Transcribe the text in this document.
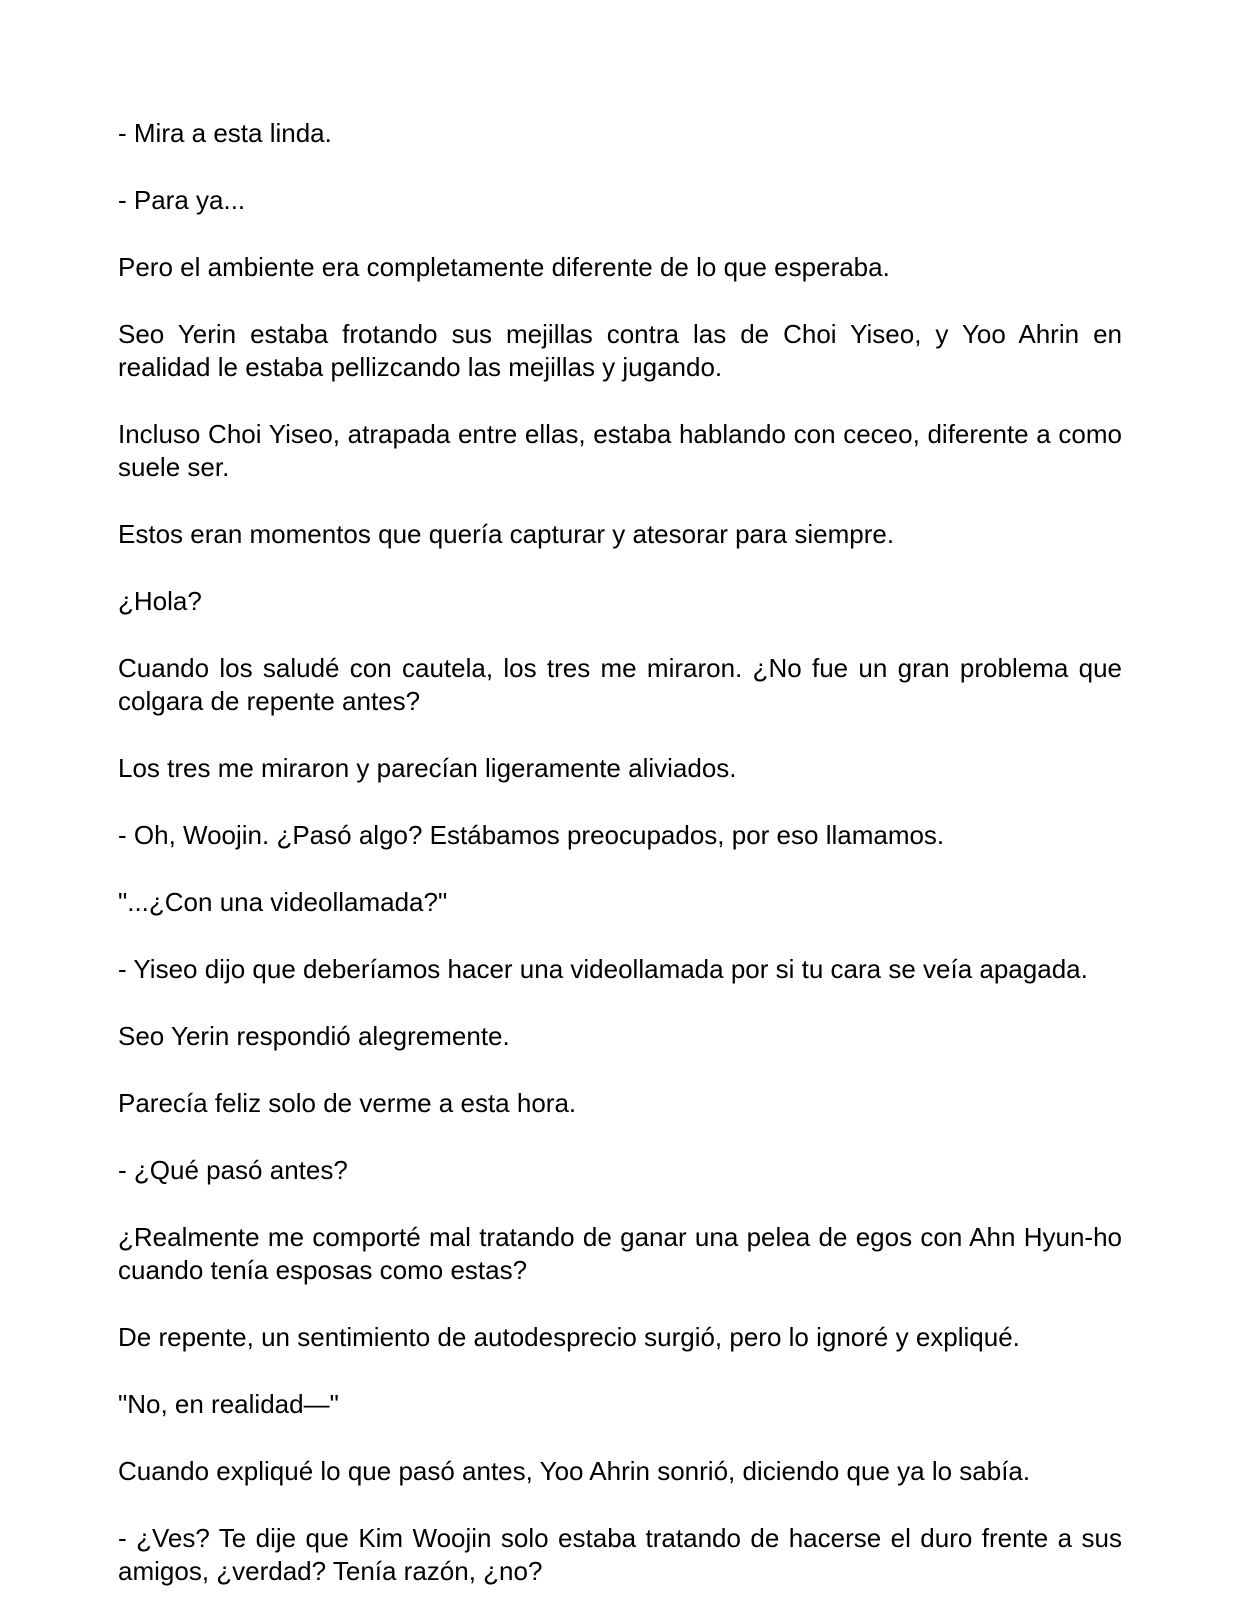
- Mira a esta linda.

- Para ya...

Pero el ambiente era completamente diferente de lo que esperaba.

Seo Yerin estaba frotando sus mejillas contra las de Choi Yiseo, y Yoo Ahrin en realidad le estaba pellizcando las mejillas y jugando.

Incluso Choi Yiseo, atrapada entre ellas, estaba hablando con ceceo, diferente a como suele ser.

Estos eran momentos que quería capturar y atesorar para siempre.

¿Hola?

Cuando los saludé con cautela, los tres me miraron. ¿No fue un gran problema que colgara de repente antes?

Los tres me miraron y parecían ligeramente aliviados.

- Oh, Woojin. ¿Pasó algo? Estábamos preocupados, por eso llamamos.

"...¿Con una videollamada?"

- Yiseo dijo que deberíamos hacer una videollamada por si tu cara se veía apagada.

Seo Yerin respondió alegremente.

Parecía feliz solo de verme a esta hora.

- ¿Qué pasó antes?

¿Realmente me comporté mal tratando de ganar una pelea de egos con Ahn Hyun-ho cuando tenía esposas como estas?

De repente, un sentimiento de autodesprecio surgió, pero lo ignoré y expliqué.

"No, en realidad—"

Cuando expliqué lo que pasó antes, Yoo Ahrin sonrió, diciendo que ya lo sabía.

- ¿Ves? Te dije que Kim Woojin solo estaba tratando de hacerse el duro frente a sus amigos, ¿verdad? Tenía razón, ¿no?
